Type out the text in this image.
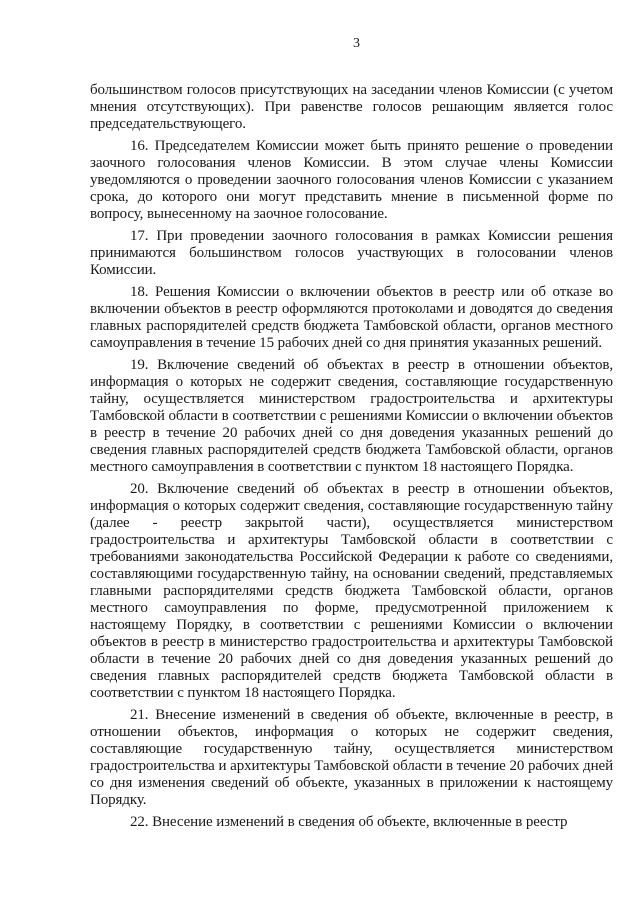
3

большинством голосов присутствующих на заседании членов Комиссии (с учетом мнения отсутствующих). При равенстве голосов решающим является голос председательствующего.

16. Председателем Комиссии может быть принято решение о проведении заочного голосования членов Комиссии. В этом случае члены Комиссии уведомляются о проведении заочного голосования членов Комиссии с указанием срока, до которого они могут представить мнение в письменной форме по вопросу, вынесенному на заочное голосование.

17. При проведении заочного голосования в рамках Комиссии решения принимаются большинством голосов участвующих в голосовании членов Комиссии.

18. Решения Комиссии о включении объектов в реестр или об отказе во включении объектов в реестр оформляются протоколами и доводятся до сведения главных распорядителей средств бюджета Тамбовской области, органов местного самоуправления в течение 15 рабочих дней со дня принятия указанных решений.

19. Включение сведений об объектах в реестр в отношении объектов, информация о которых не содержит сведения, составляющие государственную тайну, осуществляется министерством градостроительства и архитектуры Тамбовской области в соответствии с решениями Комиссии о включении объектов в реестр в течение 20 рабочих дней со дня доведения указанных решений до сведения главных распорядителей средств бюджета Тамбовской области, органов местного самоуправления в соответствии с пунктом 18 настоящего Порядка.

20. Включение сведений об объектах в реестр в отношении объектов, информация о которых содержит сведения, составляющие государственную тайну (далее - реестр закрытой части), осуществляется министерством градостроительства и архитектуры Тамбовской области в соответствии с требованиями законодательства Российской Федерации к работе со сведениями, составляющими государственную тайну, на основании сведений, представляемых главными распорядителями средств бюджета Тамбовской области, органов местного самоуправления по форме, предусмотренной приложением к настоящему Порядку, в соответствии с решениями Комиссии о включении объектов в реестр в министерство градостроительства и архитектуры Тамбовской области в течение 20 рабочих дней со дня доведения указанных решений до сведения главных распорядителей средств бюджета Тамбовской области в соответствии с пунктом 18 настоящего Порядка.

21. Внесение изменений в сведения об объекте, включенные в реестр, в отношении объектов, информация о которых не содержит сведения, составляющие государственную тайну, осуществляется министерством градостроительства и архитектуры Тамбовской области в течение 20 рабочих дней со дня изменения сведений об объекте, указанных в приложении к настоящему Порядку.

22. Внесение изменений в сведения об объекте, включенные в реестр
